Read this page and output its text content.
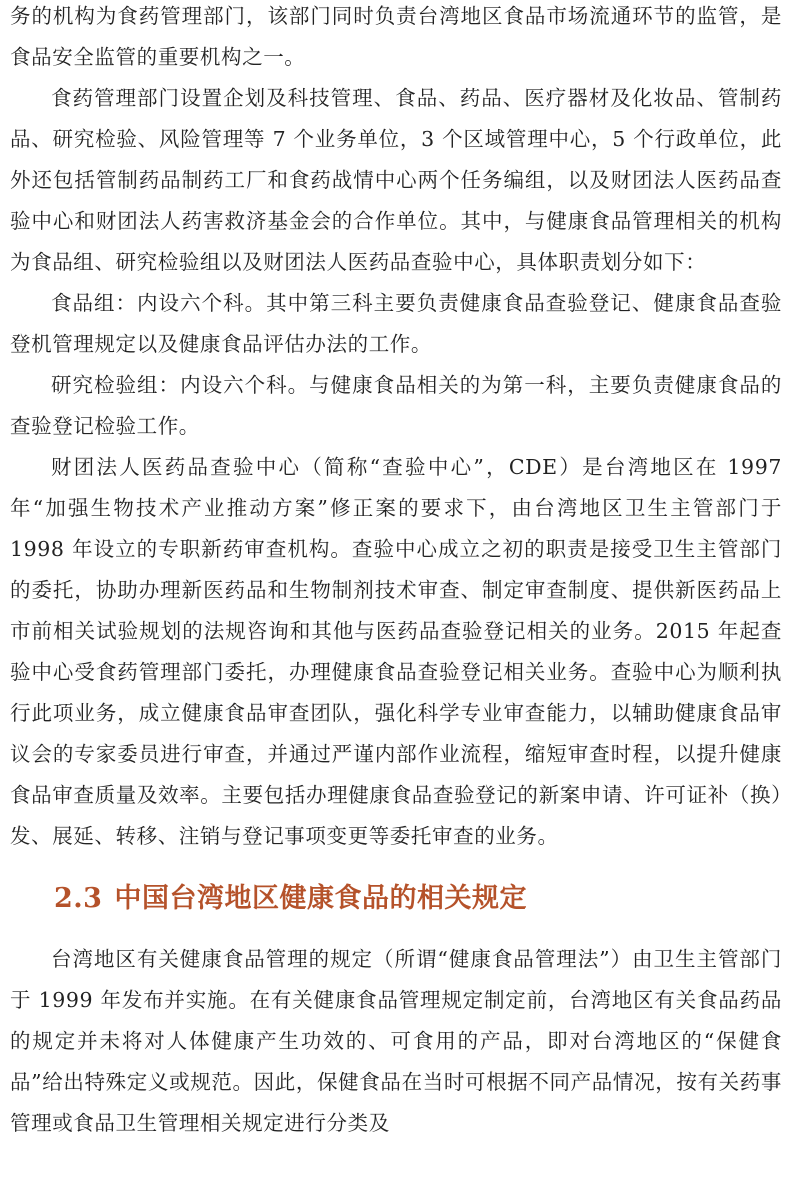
务的机构为食药管理部门，该部门同时负责台湾地区食品市场流通环节的监管，是食品安全监管的重要机构之一。

食药管理部门设置企划及科技管理、食品、药品、医疗器材及化妆品、管制药品、研究检验、风险管理等 7 个业务单位，3 个区域管理中心，5 个行政单位，此外还包括管制药品制药工厂和食药战情中心两个任务编组，以及财团法人医药品查验中心和财团法人药害救济基金会的合作单位。其中，与健康食品管理相关的机构为食品组、研究检验组以及财团法人医药品查验中心，具体职责划分如下：

食品组：内设六个科。其中第三科主要负责健康食品查验登记、健康食品查验登机管理规定以及健康食品评估办法的工作。

研究检验组：内设六个科。与健康食品相关的为第一科，主要负责健康食品的查验登记检验工作。

财团法人医药品查验中心（简称“查验中心”，CDE）是台湾地区在 1997 年“加强生物技术产业推动方案”修正案的要求下，由台湾地区卫生主管部门于 1998 年设立的专职新药审查机构。查验中心成立之初的职责是接受卫生主管部门的委托，协助办理新医药品和生物制剂技术审查、制定审查制度、提供新医药品上市前相关试验规划的法规咨询和其他与医药品查验登记相关的业务。2015 年起查验中心受食药管理部门委托，办理健康食品查验登记相关业务。查验中心为顺利执行此项业务，成立健康食品审查团队，强化科学专业审查能力，以辅助健康食品审议会的专家委员进行审查，并通过严谨内部作业流程，缩短审查时程，以提升健康食品审查质量及效率。主要包括办理健康食品查验登记的新案申请、许可证补（换）发、展延、转移、注销与登记事项变更等委托审查的业务。

2.3 中国台湾地区健康食品的相关规定

台湾地区有关健康食品管理的规定（所谓“健康食品管理法”）由卫生主管部门于 1999 年发布并实施。在有关健康食品管理规定制定前，台湾地区有关食品药品的规定并未将对人体健康产生功效的、可食用的产品，即对台湾地区的“保健食品”给出特殊定义或规范。因此，保健食品在当时可根据不同产品情况，按有关药事管理或食品卫生管理相关规定进行分类及
